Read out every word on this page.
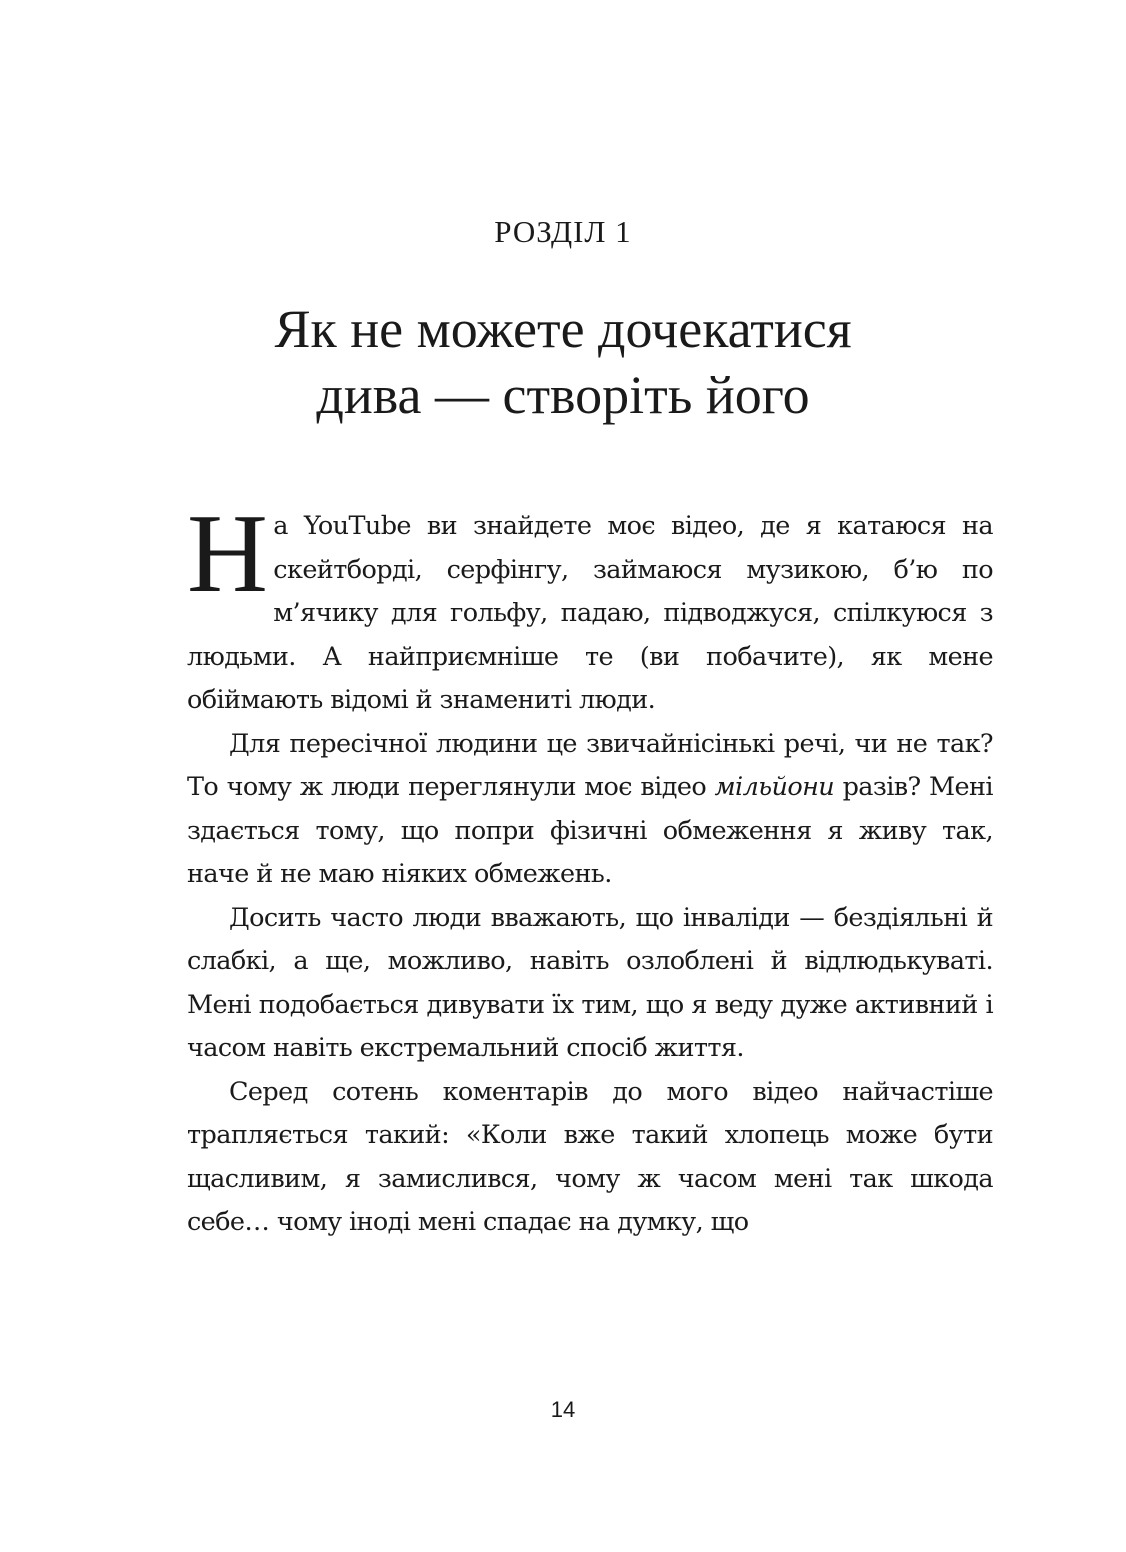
РОЗДІЛ 1
Як не можете дочекатися
дива — створіть його

На YouTube ви знайдете моє відео, де я катаюся на скейтборді, серфінгу, займаюся музикою, б’ю по м’ячику для гольфу, падаю, підводжуся, спілкуюся з людьми. А найприємніше те (ви побачите), як мене обіймають відомі й знамениті люди.

Для пересічної людини це звичайнісінькі речі, чи не так? То чому ж люди переглянули моє відео мільйони разів? Мені здається тому, що попри фізичні обмеження я живу так, наче й не маю ніяких обмежень.

Досить часто люди вважають, що інваліди — бездіяльні й слабкі, а ще, можливо, навіть озлоблені й відлюдькуваті. Мені подобається дивувати їх тим, що я веду дуже активний і часом навіть екстремальний спосіб життя.

Серед сотень коментарів до мого відео найчастіше трапляється такий: «Коли вже такий хлопець може бути щасливим, я замислився, чому ж часом мені так шкода себе… чому іноді мені спадає на думку, що

14
